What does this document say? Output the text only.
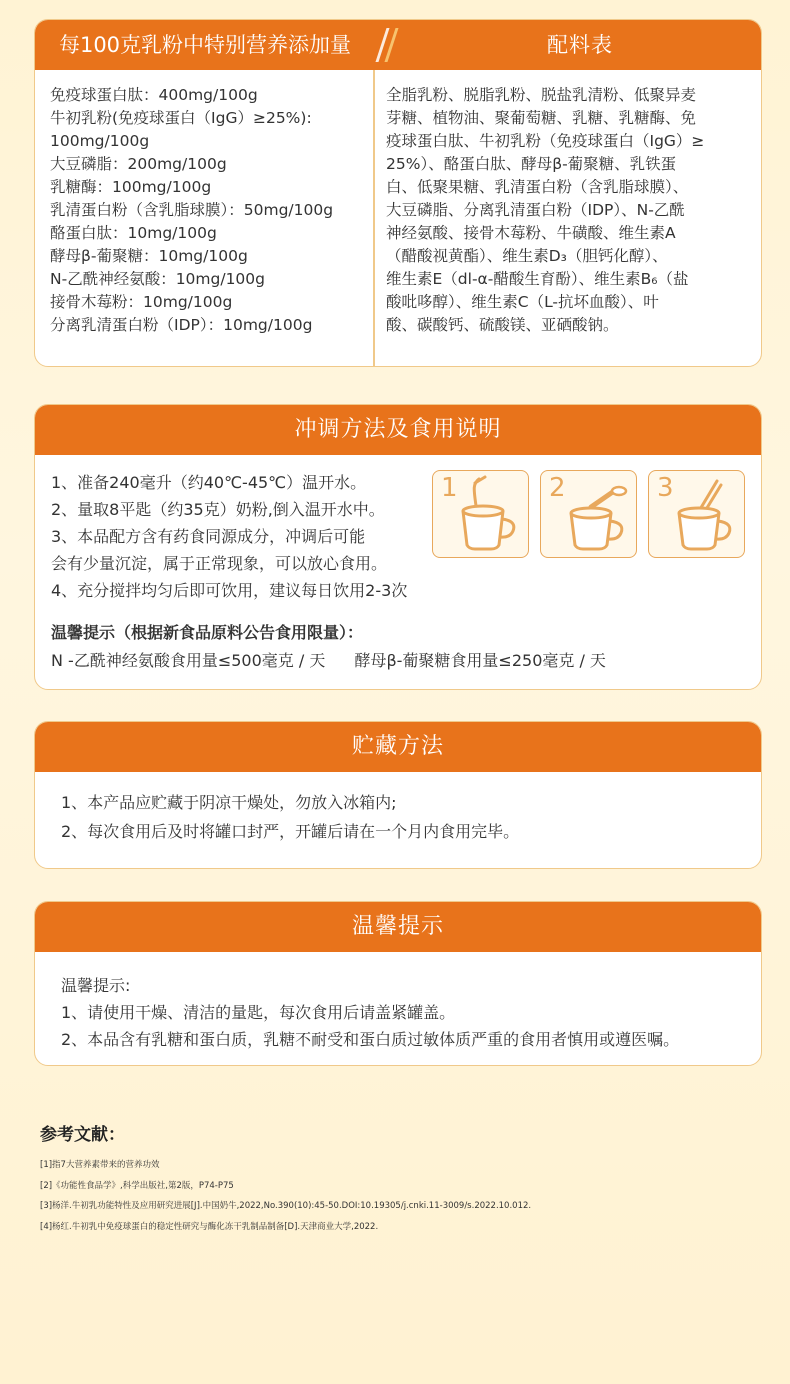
每100克乳粉中特别营养添加量	配料表
免疫球蛋白肽：400mg/100g
牛初乳粉(免疫球蛋白（IgG）≥25%):
100mg/100g
大豆磷脂：200mg/100g
乳糖酶：100mg/100g
乳清蛋白粉（含乳脂球膜）：50mg/100g
酪蛋白肽：10mg/100g
酵母β-葡聚糖：10mg/100g
N-乙酰神经氨酸：10mg/100g
接骨木莓粉：10mg/100g
分离乳清蛋白粉（IDP）：10mg/100g
全脂乳粉、脱脂乳粉、脱盐乳清粉、低聚异麦
芽糖、植物油、聚葡萄糖、乳糖、乳糖酶、免
疫球蛋白肽、牛初乳粉（免疫球蛋白（IgG）≥
25%）、酪蛋白肽、酵母β-葡聚糖、乳铁蛋
白、低聚果糖、乳清蛋白粉（含乳脂球膜）、
大豆磷脂、分离乳清蛋白粉（IDP）、N-乙酰
神经氨酸、接骨木莓粉、牛磺酸、维生素A
（醋酸视黄酯）、维生素D₃（胆钙化醇）、
维生素E（dl-α-醋酸生育酚）、维生素B₆（盐
酸吡哆醇）、维生素C（L-抗坏血酸）、叶
酸、碳酸钙、硫酸镁、亚硒酸钠。
冲调方法及食用说明
1、准备240毫升（约40℃-45℃）温开水。
2、量取8平匙（约35克）奶粉,倒入温开水中。
3、本品配方含有药食同源成分，冲调后可能
会有少量沉淀，属于正常现象，可以放心食用。
4、充分搅拌均匀后即可饮用，建议每日饮用2-3次
1	2	3
温馨提示（根据新食品原料公告食用限量）：
N -乙酰神经氨酸食用量≤500毫克 / 天 酵母β-葡聚糖食用量≤250毫克 / 天
贮藏方法
1、本产品应贮藏于阴凉干燥处，勿放入冰箱内;
2、每次食用后及时将罐口封严，开罐后请在一个月内食用完毕。
温馨提示
温馨提示:
1、请使用干燥、清洁的量匙，每次食用后请盖紧罐盖。
2、本品含有乳糖和蛋白质，乳糖不耐受和蛋白质过敏体质严重的食用者慎用或遵医嘱。
参考文献：
[1]指7大营养素带来的营养功效
[2]《功能性食品学》,科学出版社,第2版，P74-P75
[3]杨洋.牛初乳功能特性及应用研究进展[J].中国奶牛,2022,No.390(10):45-50.DOI:10.19305/j.cnki.11-3009/s.2022.10.012.
[4]杨红.牛初乳中免疫球蛋白的稳定性研究与酶化冻干乳制品制备[D].天津商业大学,2022.
